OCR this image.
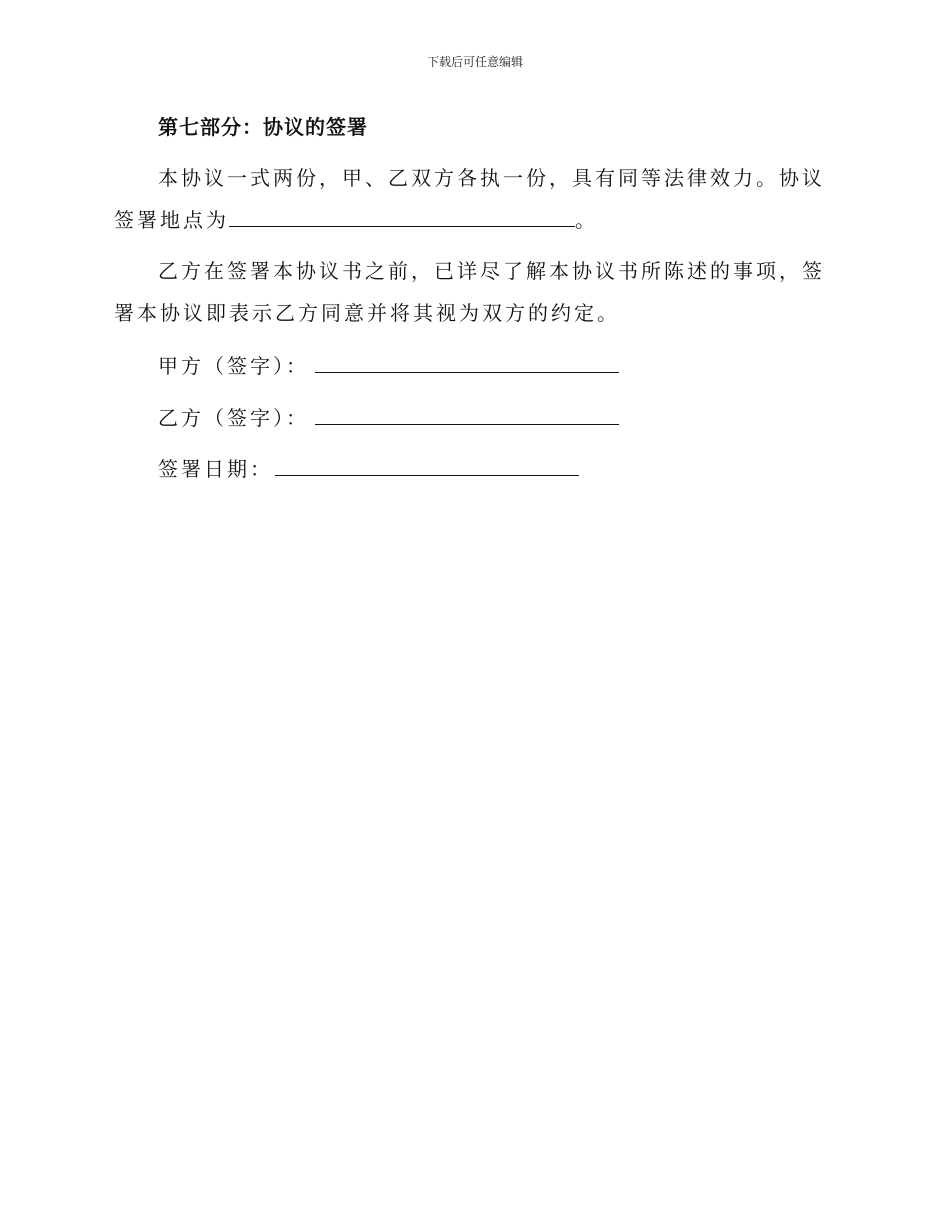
下载后可任意编辑
第七部分：协议的签署

本协议一式两份，甲、乙双方各执一份，具有同等法律效力。协议签署地点为	。

乙方在签署本协议书之前，已详尽了解本协议书所陈述的事项，签署本协议即表示乙方同意并将其视为双方的约定。

甲方（签字）：
乙方（签字）：
签署日期：
